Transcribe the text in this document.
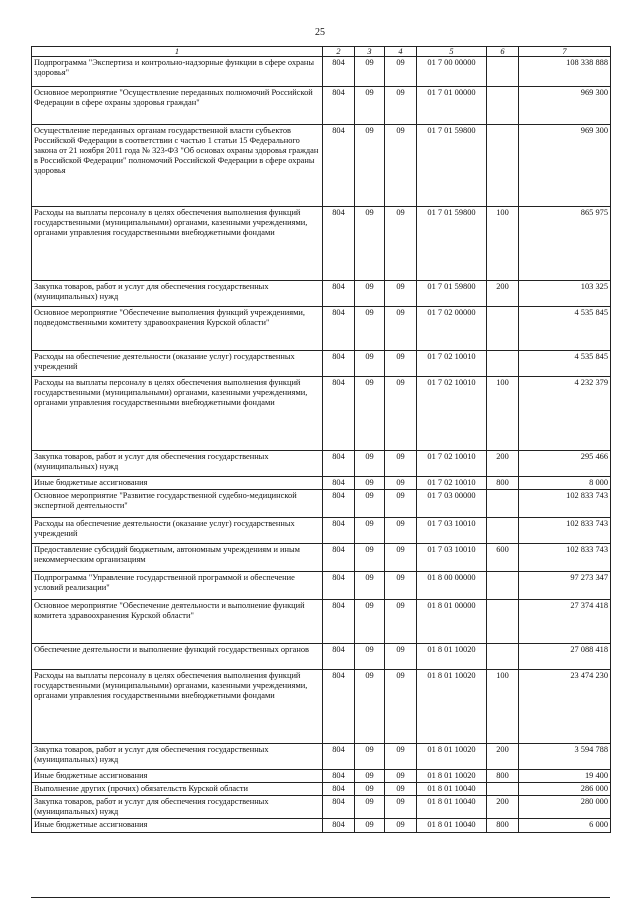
25
1	2	3	4	5	6	7
Подпрограмма "Экспертиза и контрольно-надзорные функции в сфере охраны здоровья"	804	09	09	01 7 00 00000		108 338 888
Основное мероприятие "Осуществление переданных полномочий Российской Федерации в сфере охраны здоровья граждан"	804	09	09	01 7 01 00000		969 300
Осуществление переданных органам государственной власти субъектов Российской Федерации в соответствии с частью 1 статьи 15 Федерального закона от 21 ноября 2011 года № 323-ФЗ "Об основах охраны здоровья граждан в Российской Федерации" полномочий Российской Федерации в сфере охраны здоровья	804	09	09	01 7 01 59800		969 300
Расходы на выплаты персоналу в целях обеспечения выполнения функций государственными (муниципальными) органами, казенными учреждениями, органами управления государственными внебюджетными фондами	804	09	09	01 7 01 59800	100	865 975
Закупка товаров, работ и услуг для обеспечения государственных (муниципальных) нужд	804	09	09	01 7 01 59800	200	103 325
Основное мероприятие "Обеспечение выполнения функций учреждениями, подведомственными комитету здравоохранения Курской области"	804	09	09	01 7 02 00000		4 535 845
Расходы на обеспечение деятельности (оказание услуг) государственных учреждений	804	09	09	01 7 02 10010		4 535 845
Расходы на выплаты персоналу в целях обеспечения выполнения функций государственными (муниципальными) органами, казенными учреждениями, органами управления государственными внебюджетными фондами	804	09	09	01 7 02 10010	100	4 232 379
Закупка товаров, работ и услуг для обеспечения государственных (муниципальных) нужд	804	09	09	01 7 02 10010	200	295 466
Иные бюджетные ассигнования	804	09	09	01 7 02 10010	800	8 000
Основное мероприятие "Развитие государственной судебно-медицинской экспертной деятельности"	804	09	09	01 7 03 00000		102 833 743
Расходы на обеспечение деятельности (оказание услуг) государственных учреждений	804	09	09	01 7 03 10010		102 833 743
Предоставление субсидий бюджетным, автономным учреждениям и иным некоммерческим организациям	804	09	09	01 7 03 10010	600	102 833 743
Подпрограмма "Управление государственной программой и обеспечение условий реализации"	804	09	09	01 8 00 00000		97 273 347
Основное мероприятие "Обеспечение деятельности и выполнение функций комитета здравоохранения Курской области"	804	09	09	01 8 01 00000		27 374 418
Обеспечение деятельности и выполнение функций государственных органов	804	09	09	01 8 01 10020		27 088 418
Расходы на выплаты персоналу в целях обеспечения выполнения функций государственными (муниципальными) органами, казенными учреждениями, органами управления государственными внебюджетными фондами	804	09	09	01 8 01 10020	100	23 474 230
Закупка товаров, работ и услуг для обеспечения государственных (муниципальных) нужд	804	09	09	01 8 01 10020	200	3 594 788
Иные бюджетные ассигнования	804	09	09	01 8 01 10020	800	19 400
Выполнение других (прочих) обязательств Курской области	804	09	09	01 8 01 10040		286 000
Закупка товаров, работ и услуг для обеспечения государственных (муниципальных) нужд	804	09	09	01 8 01 10040	200	280 000
Иные бюджетные ассигнования	804	09	09	01 8 01 10040	800	6 000
